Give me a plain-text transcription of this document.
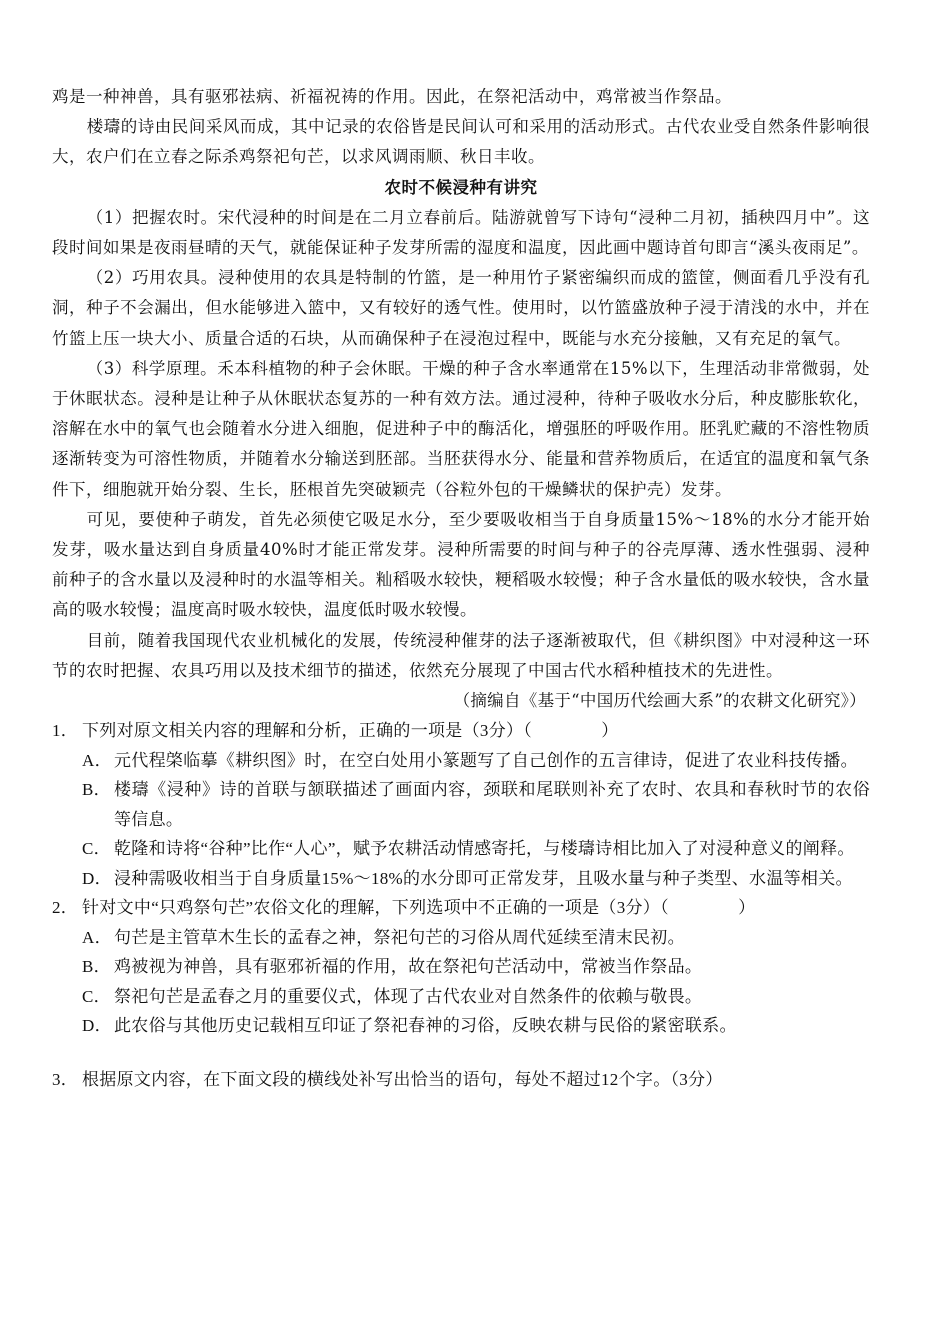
鸡是一种神兽，具有驱邪祛病、祈福祝祷的作用。因此，在祭祀活动中，鸡常被当作祭品。

楼璹的诗由民间采风而成，其中记录的农俗皆是民间认可和采用的活动形式。古代农业受自然条件影响很大，农户们在立春之际杀鸡祭祀句芒，以求风调雨顺、秋日丰收。

农时不候浸种有讲究

（1）把握农时。宋代浸种的时间是在二月立春前后。陆游就曾写下诗句“浸种二月初，插秧四月中”。这段时间如果是夜雨昼晴的天气，就能保证种子发芽所需的湿度和温度，因此画中题诗首句即言“溪头夜雨足”。

（2）巧用农具。浸种使用的农具是特制的竹篮，是一种用竹子紧密编织而成的篮筐，侧面看几乎没有孔洞，种子不会漏出，但水能够进入篮中，又有较好的透气性。使用时，以竹篮盛放种子浸于清浅的水中，并在竹篮上压一块大小、质量合适的石块，从而确保种子在浸泡过程中，既能与水充分接触，又有充足的氧气。

（3）科学原理。禾本科植物的种子会休眠。干燥的种子含水率通常在15%以下，生理活动非常微弱，处于休眠状态。浸种是让种子从休眠状态复苏的一种有效方法。通过浸种，待种子吸收水分后，种皮膨胀软化，溶解在水中的氧气也会随着水分进入细胞，促进种子中的酶活化，增强胚的呼吸作用。胚乳贮藏的不溶性物质逐渐转变为可溶性物质，并随着水分输送到胚部。当胚获得水分、能量和营养物质后，在适宜的温度和氧气条件下，细胞就开始分裂、生长，胚根首先突破颖壳（谷粒外包的干燥鳞状的保护壳）发芽。

可见，要使种子萌发，首先必须使它吸足水分，至少要吸收相当于自身质量15%～18%的水分才能开始发芽，吸水量达到自身质量40%时才能正常发芽。浸种所需要的时间与种子的谷壳厚薄、透水性强弱、浸种前种子的含水量以及浸种时的水温等相关。籼稻吸水较快，粳稻吸水较慢；种子含水量低的吸水较快，含水量高的吸水较慢；温度高时吸水较快，温度低时吸水较慢。

目前，随着我国现代农业机械化的发展，传统浸种催芽的法子逐渐被取代，但《耕织图》中对浸种这一环节的农时把握、农具巧用以及技术细节的描述，依然充分展现了中国古代水稻种植技术的先进性。

（摘编自《基于“中国历代绘画大系”的农耕文化研究》）

1． 下列对原文相关内容的理解和分析，正确的一项是（3分）（　　　　）

A． 元代程棨临摹《耕织图》时，在空白处用小篆题写了自己创作的五言律诗，促进了农业科技传播。

B． 楼璹《浸种》诗的首联与颔联描述了画面内容，颈联和尾联则补充了农时、农具和春秋时节的农俗等信息。

C． 乾隆和诗将“谷种”比作“人心”，赋予农耕活动情感寄托，与楼璹诗相比加入了对浸种意义的阐释。

D． 浸种需吸收相当于自身质量15%～18%的水分即可正常发芽，且吸水量与种子类型、水温等相关。

2． 针对文中“只鸡祭句芒”农俗文化的理解，下列选项中不正确的一项是（3分）（　　　　）

A． 句芒是主管草木生长的孟春之神，祭祀句芒的习俗从周代延续至清末民初。

B． 鸡被视为神兽，具有驱邪祈福的作用，故在祭祀句芒活动中，常被当作祭品。

C． 祭祀句芒是孟春之月的重要仪式，体现了古代农业对自然条件的依赖与敬畏。

D． 此农俗与其他历史记载相互印证了祭祀春神的习俗，反映农耕与民俗的紧密联系。

3． 根据原文内容，在下面文段的横线处补写出恰当的语句，每处不超过12个字。（3分）
